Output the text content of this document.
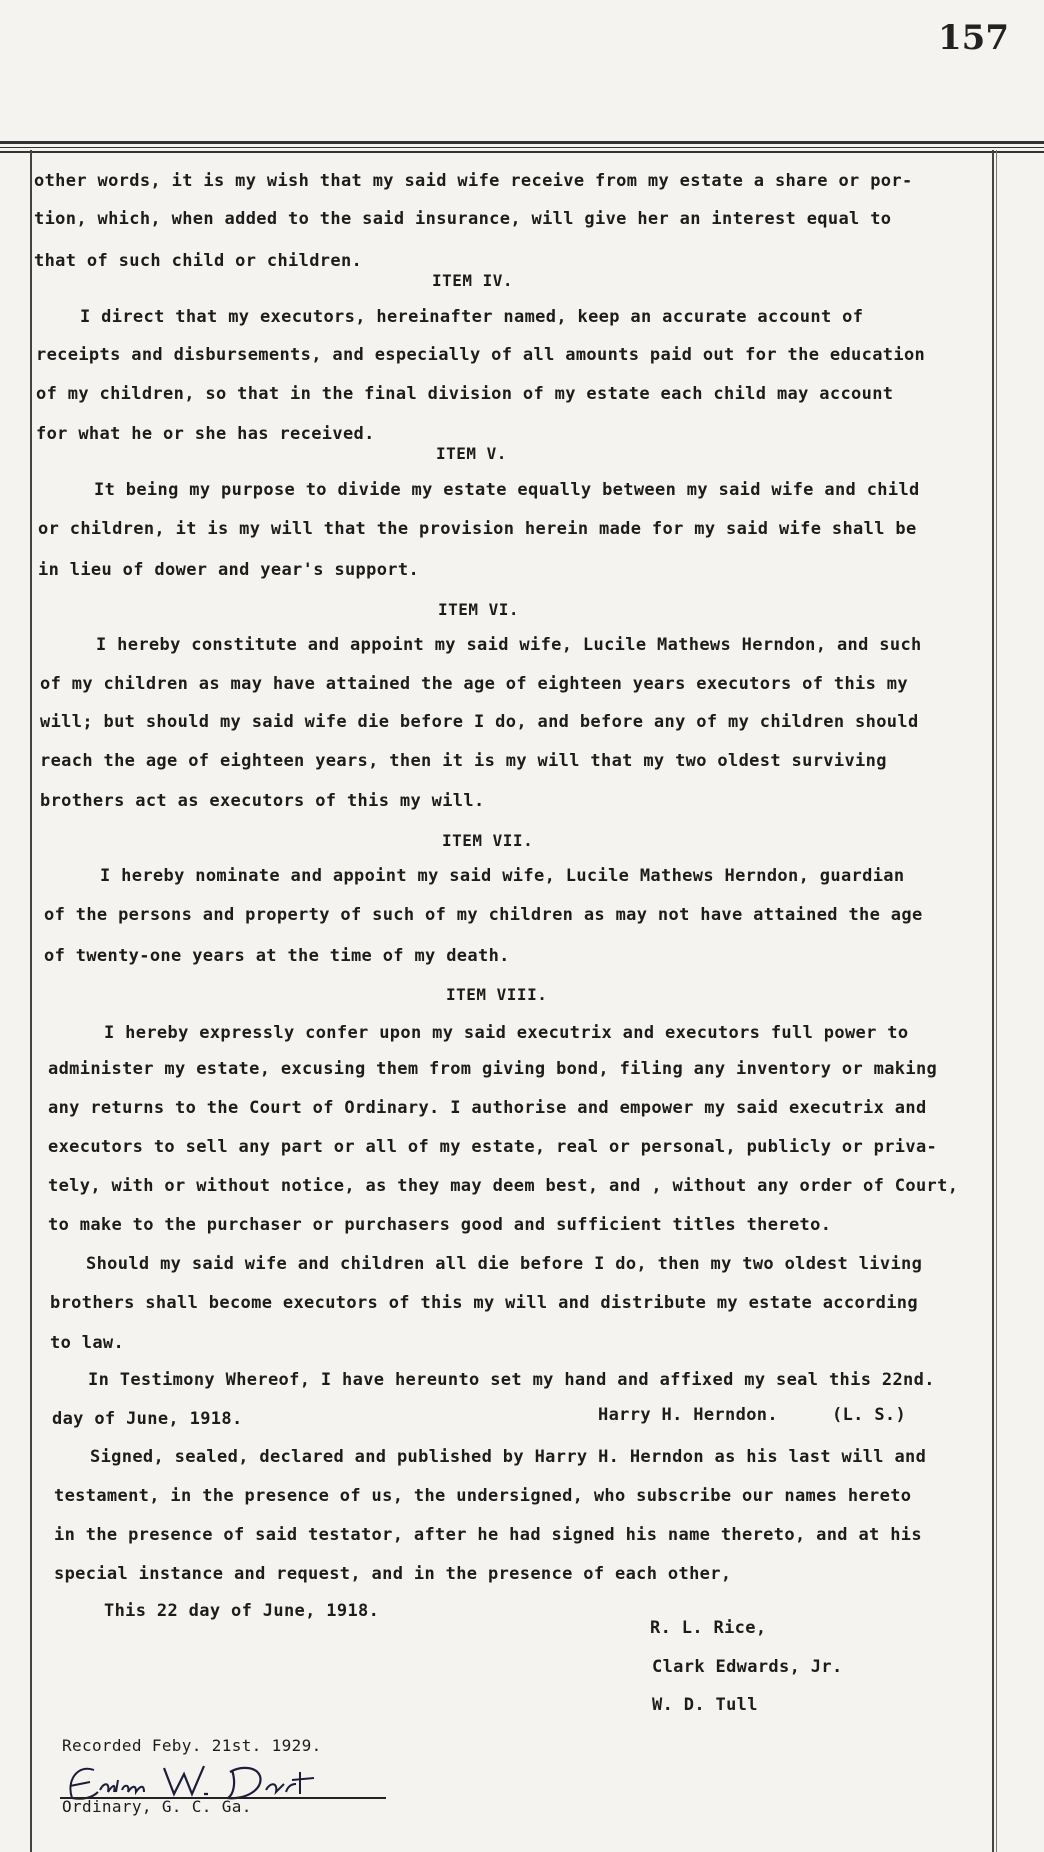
157
other words, it is my wish that my said wife receive from my estate a share or por-
tion, which, when added to the said insurance, will give her an interest equal to
that of such child or children.
ITEM IV.
I direct that my executors, hereinafter named, keep an accurate account of
receipts and disbursements, and especially of all amounts paid out for the education
of my children, so that in the final division of my estate each child may account
for what he or she has received.
ITEM V.
It being my purpose to divide my estate equally between my said wife and child
or children, it is my will that the provision herein made for my said wife shall be
in lieu of dower and year's support.
ITEM VI.
I hereby constitute and appoint my said wife, Lucile Mathews Herndon, and such
of my children as may have attained the age of eighteen years executors of this my
will; but should my said wife die before I do, and before any of my children should
reach the age of eighteen years, then it is my will that my two oldest surviving
brothers act as executors of this my will.
ITEM VII.
I hereby nominate and appoint my said wife, Lucile Mathews Herndon, guardian
of the persons and property of such of my children as may not have attained the age
of twenty-one years at the time of my death.
ITEM VIII.
I hereby expressly confer upon my said executrix and executors full power to
administer my estate, excusing them from giving bond, filing any inventory or making
any returns to the Court of Ordinary. I authorise and empower my said executrix and
executors to sell any part or all of my estate, real or personal, publicly or priva-
tely, with or without notice, as they may deem best, and , without any order of Court,
to make to the purchaser or purchasers good and sufficient titles thereto.
Should my said wife and children all die before I do, then my two oldest living
brothers shall become executors of this my will and distribute my estate according
to law.
In Testimony Whereof, I have hereunto set my hand and affixed my seal this 22nd.
day of June, 1918.	Harry H. Herndon.	(L. S.)
Signed, sealed, declared and published by Harry H. Herndon as his last will and
testament, in the presence of us, the undersigned, who subscribe our names hereto
in the presence of said testator, after he had signed his name thereto, and at his
special instance and request, and in the presence of each other,
This 22 day of June, 1918.
R. L. Rice,
Clark Edwards, Jr.
W. D. Tull
Recorded Feby. 21st. 1929.
Ordinary, G. C. Ga.
